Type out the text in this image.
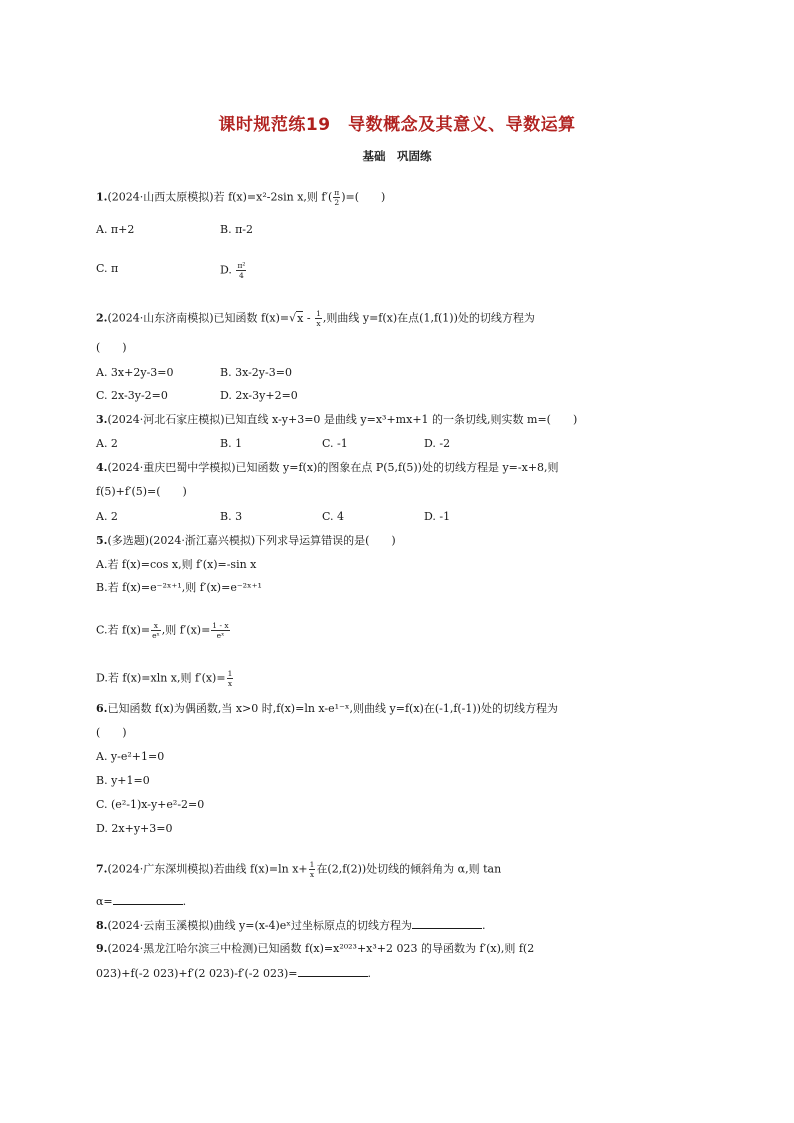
课时规范练19　导数概念及其意义、导数运算
基础　巩固练
1.(2024·山西太原模拟)若 f(x)=x²-2sin x,则 $f'( \frac{\pi}{2}$ )=(　　)
A. π+2	B. π-2
C. π	D. $\frac{\text{π²}}{4}$
2.(2024·山东济南模拟)已知函数 $f(x)=√x - \frac{1}{x}$ ,则曲线 y=f(x)在点(1,f(1))处的切线方程为
(　　)
A. 3x+2y-3=0	B. 3x-2y-3=0
C. 2x-3y-2=0	D. 2x-3y+2=0
3.(2024·河北石家庄模拟)已知直线 x-y+3=0 是曲线 y=x³+mx+1 的一条切线,则实数 m=(　　)
A. 2	B. 1	C. -1	D. -2
4.(2024·重庆巴蜀中学模拟)已知函数 y=f(x)的图象在点 P(5,f(5))处的切线方程是 y=-x+8,则
f(5)+f′(5)=(　　)
A. 2	B. 3	C. 4	D. -1
5.(多选题)(2024·浙江嘉兴模拟)下列求导运算错误的是(　　)
A.若 f(x)=cos x,则 f′(x)=-sin x
B.若 f(x)=e⁻²ˣ⁺¹,则 f′(x)=e⁻²ˣ⁺¹
C.若 $f(x)= \frac{x}{\text{eˣ}}$ ,则 $f'(x)= \frac{1 - x}{\text{eˣ}}$
D.若 f(x)=xln x,则 $f'(x)= \frac{1}{x}$
6.已知函数 f(x)为偶函数,当 x>0 时,f(x)=ln x-e¹⁻ˣ,则曲线 y=f(x)在(-1,f(-1))处的切线方程为
(　　)
A. y-e²+1=0
B. y+1=0
C. (e²-1)x-y+e²-2=0
D. 2x+y+3=0
7.(2024·广东深圳模拟)若曲线 f(x)=ln $x+ \frac{1}{x}$ 在(2,f(2))处切线的倾斜角为 α,则 tan
α=	.
8.(2024·云南玉溪模拟)曲线 y=(x-4)eˣ过坐标原点的切线方程为	.
9.(2024·黑龙江哈尔滨三中检测)已知函数 f(x)=x²⁰²³+x³+2 023 的导函数为 f′(x),则 f(2
023)+f(-2 023)+f′(2 023)-f′(-2 023)=	.
